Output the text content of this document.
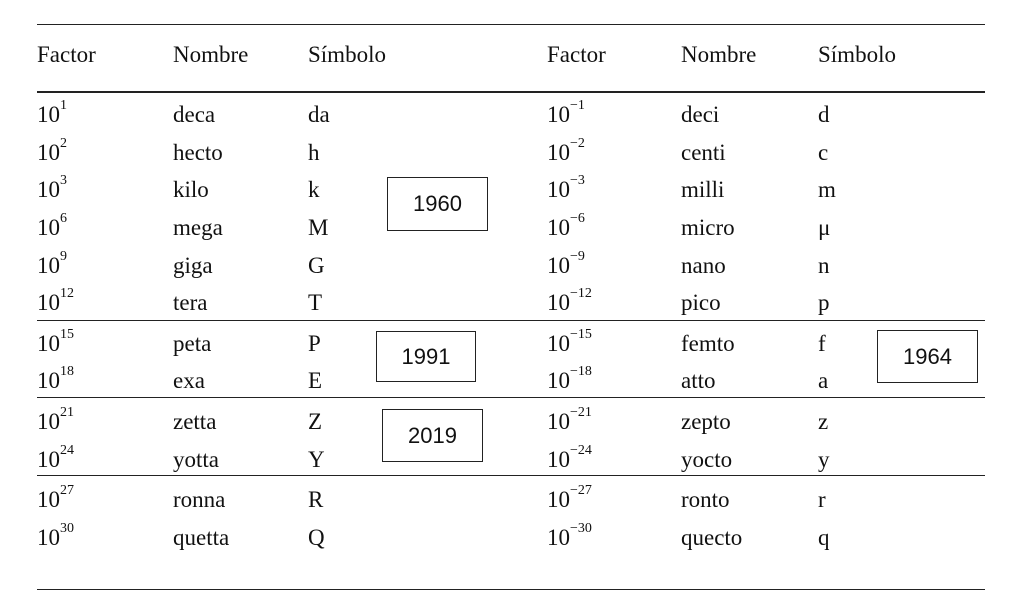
Factor	Nombre	Símbolo	Factor	Nombre	Símbolo
$10^1$	deca	da	$10^{-1}$	deci	d
$10^2$	hecto	h	$10^{-2}$	centi	c
$10^3$	kilo	k	$10^{-3}$	milli	m
$10^6$	mega	M	$10^{-6}$	micro	μ
$10^9$	giga	G	$10^{-9}$	nano	n
$10^{12}$	tera	T	$10^{-12}$	pico	p
$10^{15}$	peta	P	$10^{-15}$	femto	f
$10^{18}$	exa	E	$10^{-18}$	atto	a
$10^{21}$	zetta	Z	$10^{-21}$	zepto	z
$10^{24}$	yotta	Y	$10^{-24}$	yocto	y
$10^{27}$	ronna	R	$10^{-27}$	ronto	r
$10^{30}$	quetta	Q	$10^{-30}$	quecto	q
1960
1991
2019
1964
